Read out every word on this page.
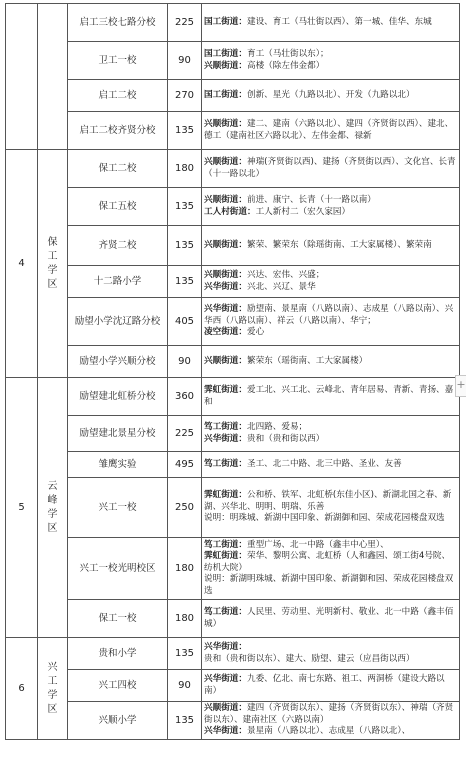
		启工三校七路分校	225	国工街道：建设、育工（马壮街以西）、第一城、佳华、东城

		卫工一校	90	国工街道：育工（马壮街以东）；
兴顺街道：高楼（除左伟金都）

		启工二校	270	国工街道：创新、星光（九路以北）、开发（九路以北）

		启工二校齐贤分校	135	兴顺街道：建二、建南（六路以北）、建四（齐贤街以西）、建北、德工（建南社区六路以北）、左伟金都、禄新

4	保工学区	保工二校	180	兴顺街道：神瑞(齐贤街以西)、建扬（齐贤街以西）、文化宫、长青（十一路以北）

		保工五校	135	兴顺街道：前进、康宁、长青（十一路以南）
工人村街道：工人新村二（宏久家园）

		齐贤二校	135	兴顺街道：繁荣、繁荣东（除瑶街南、工大家属楼）、繁荣南

		十二路小学	135	兴顺街道：兴达、宏伟、兴盛；
兴华街道：兴北、兴辽、景华

		励望小学沈辽路分校	405	兴华街道：励望南、景星南（八路以南）、志成星（八路以南）、兴华西（八路以南）、祥云（八路以南）、华宁；
凌空街道：爱心

		励望小学兴顺分校	90	兴顺街道：繁荣东（瑶街南、工大家属楼）

5	云峰学区	励望建北虹桥分校	360	霁虹街道：爱工北、兴工北、云峰北、青年居易、青新、青扬、嘉和

		励望建北景星分校	225	笃工街道：北四路、爱易；
兴华街道：贵和（贵和街以西）

		雏鹰实验	495	笃工街道：圣工、北二中路、北三中路、圣业、友善

		兴工一校	250	霁虹街道：公和桥、铁军、北虹桥(东佳小区)、新湖北国之春、新湖、兴华北、明明、明瑞、乐善
说明：明珠城、新湖中国印象、新湖御和园、荣成花园楼盘双选

		兴工一校光明校区	180	笃工街道：重型广场、北一中路（鑫丰中心里）、
霁虹街道：荣华、黎明公寓、北虹桥（人和鑫园、颂工街4号院、纺机大院）
说明：新湖明珠城、新湖中国印象、新湖御和园、荣成花园楼盘双选

		保工一校	180	笃工街道：人民里、劳动里、光明新村、敬业、北一中路（鑫丰佰城）

6	兴工学区	贵和小学	135	兴华街道：贵和（贵和街以东）、建大、励望、建云（应昌街以西）

		兴工四校	90	兴华街道：九委、亿北、南七东路、祖工、两洞桥（建设大路以南）

		兴顺小学	135	兴顺街道：建四（齐贤街以东）、建扬（齐贤街以东）、神瑞（齐贤街以东）、建南社区（六路以南）
兴华街道：景星南（八路以北）、志成星（八路以北）、
+
